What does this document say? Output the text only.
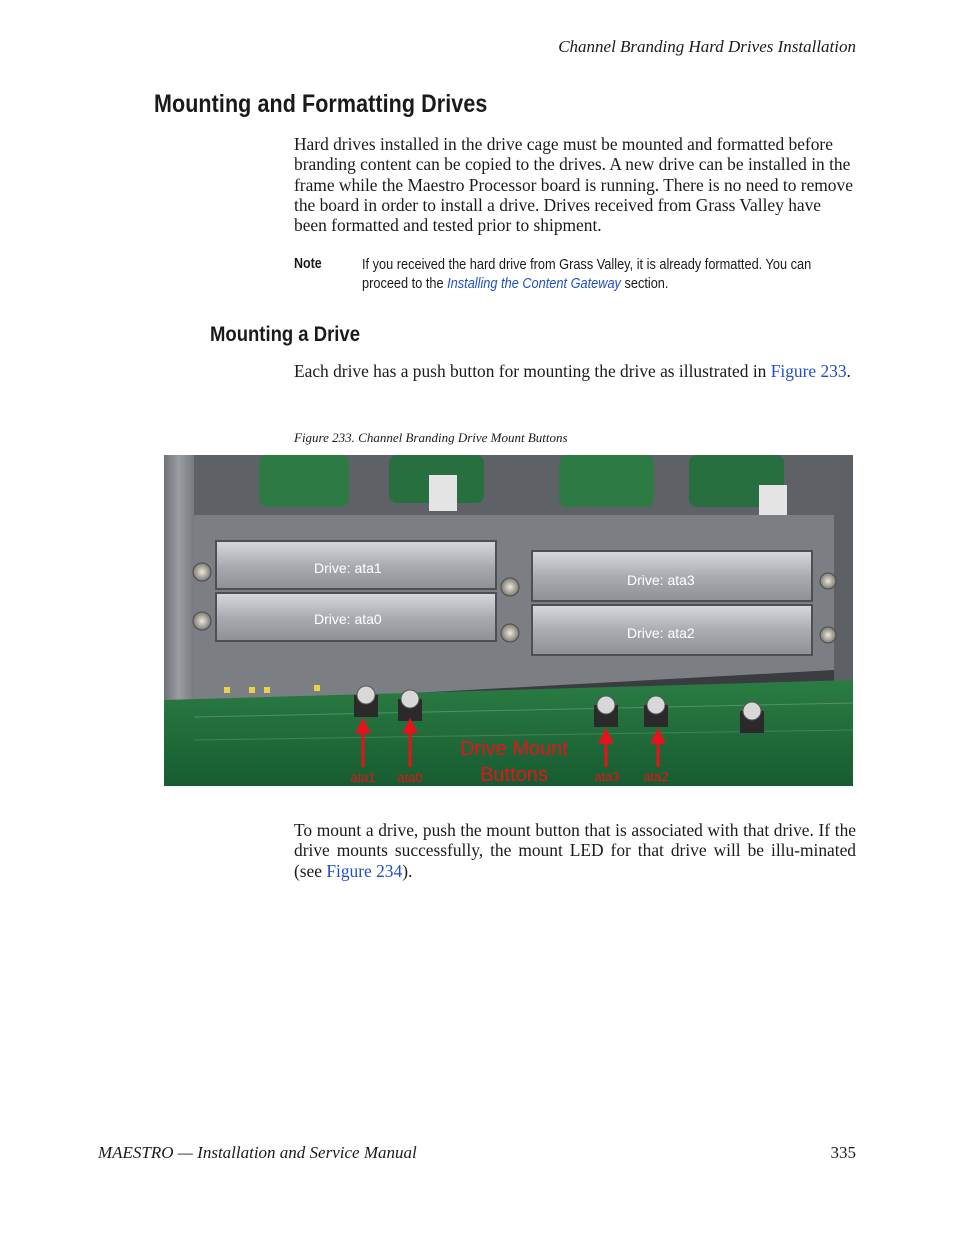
Channel Branding Hard Drives Installation
Mounting and Formatting Drives
Hard drives installed in the drive cage must be mounted and formatted before branding content can be copied to the drives. A new drive can be installed in the frame while the Maestro Processor board is running. There is no need to remove the board in order to install a drive. Drives received from Grass Valley have been formatted and tested prior to shipment.
Note	If you received the hard drive from Grass Valley, it is already formatted. You can proceed to the Installing the Content Gateway section.
Mounting a Drive
Each drive has a push button for mounting the drive as illustrated in Figure 233.
Figure 233. Channel Branding Drive Mount Buttons
Drive: ata1
Drive: ata0
Drive: ata3
Drive: ata2
Drive Mount
Buttons
ata1 ata0	ata3 ata2
To mount a drive, push the mount button that is associated with that drive. If the drive mounts successfully, the mount LED for that drive will be illu-minated (see Figure 234).
MAESTRO — Installation and Service Manual	335
